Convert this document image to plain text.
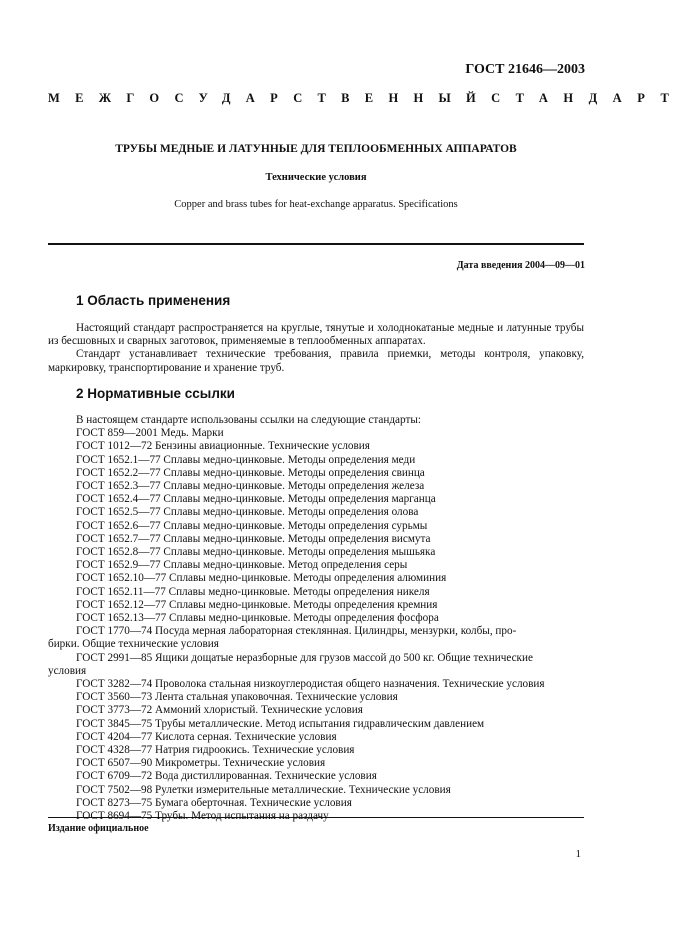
ГОСТ 21646—2003
МЕЖГОСУДАРСТВЕННЫЙ СТАНДАРТ
ТРУБЫ МЕДНЫЕ И ЛАТУННЫЕ ДЛЯ ТЕПЛООБМЕННЫХ АППАРАТОВ
Технические условия
Copper and brass tubes for heat-exchange apparatus. Specifications
Дата введения 2004—09—01
1 Область применения

Настоящий стандарт распространяется на круглые, тянутые и холоднокатаные медные и латунные трубы из бесшовных и сварных заготовок, применяемые в теплообменных аппаратах.

Стандарт устанавливает технические требования, правила приемки, методы контроля, упаковку, маркировку, транспортирование и хранение труб.

2 Нормативные ссылки
В настоящем стандарте использованы ссылки на следующие стандарты:
ГОСТ 859—2001 Медь. Марки
ГОСТ 1012—72 Бензины авиационные. Технические условия
ГОСТ 1652.1—77 Сплавы медно-цинковые. Методы определения меди
ГОСТ 1652.2—77 Сплавы медно-цинковые. Методы определения свинца
ГОСТ 1652.3—77 Сплавы медно-цинковые. Методы определения железа
ГОСТ 1652.4—77 Сплавы медно-цинковые. Методы определения марганца
ГОСТ 1652.5—77 Сплавы медно-цинковые. Методы определения олова
ГОСТ 1652.6—77 Сплавы медно-цинковые. Методы определения сурьмы
ГОСТ 1652.7—77 Сплавы медно-цинковые. Методы определения висмута
ГОСТ 1652.8—77 Сплавы медно-цинковые. Методы определения мышьяка
ГОСТ 1652.9—77 Сплавы медно-цинковые. Метод определения серы
ГОСТ 1652.10—77 Сплавы медно-цинковые. Методы определения алюминия
ГОСТ 1652.11—77 Сплавы медно-цинковые. Методы определения никеля
ГОСТ 1652.12—77 Сплавы медно-цинковые. Методы определения кремния
ГОСТ 1652.13—77 Сплавы медно-цинковые. Методы определения фосфора
ГОСТ 1770—74 Посуда мерная лабораторная стеклянная. Цилиндры, мензурки, колбы, про-
бирки. Общие технические условия
ГОСТ 2991—85 Ящики дощатые неразборные для грузов массой до 500 кг. Общие технические
условия
ГОСТ 3282—74 Проволока стальная низкоуглеродистая общего назначения. Технические условия
ГОСТ 3560—73 Лента стальная упаковочная. Технические условия
ГОСТ 3773—72 Аммоний хлористый. Технические условия
ГОСТ 3845—75 Трубы металлические. Метод испытания гидравлическим давлением
ГОСТ 4204—77 Кислота серная. Технические условия
ГОСТ 4328—77 Натрия гидроокись. Технические условия
ГОСТ 6507—90 Микрометры. Технические условия
ГОСТ 6709—72 Вода дистиллированная. Технические условия
ГОСТ 7502—98 Рулетки измерительные металлические. Технические условия
ГОСТ 8273—75 Бумага оберточная. Технические условия
Издание официальное
1
